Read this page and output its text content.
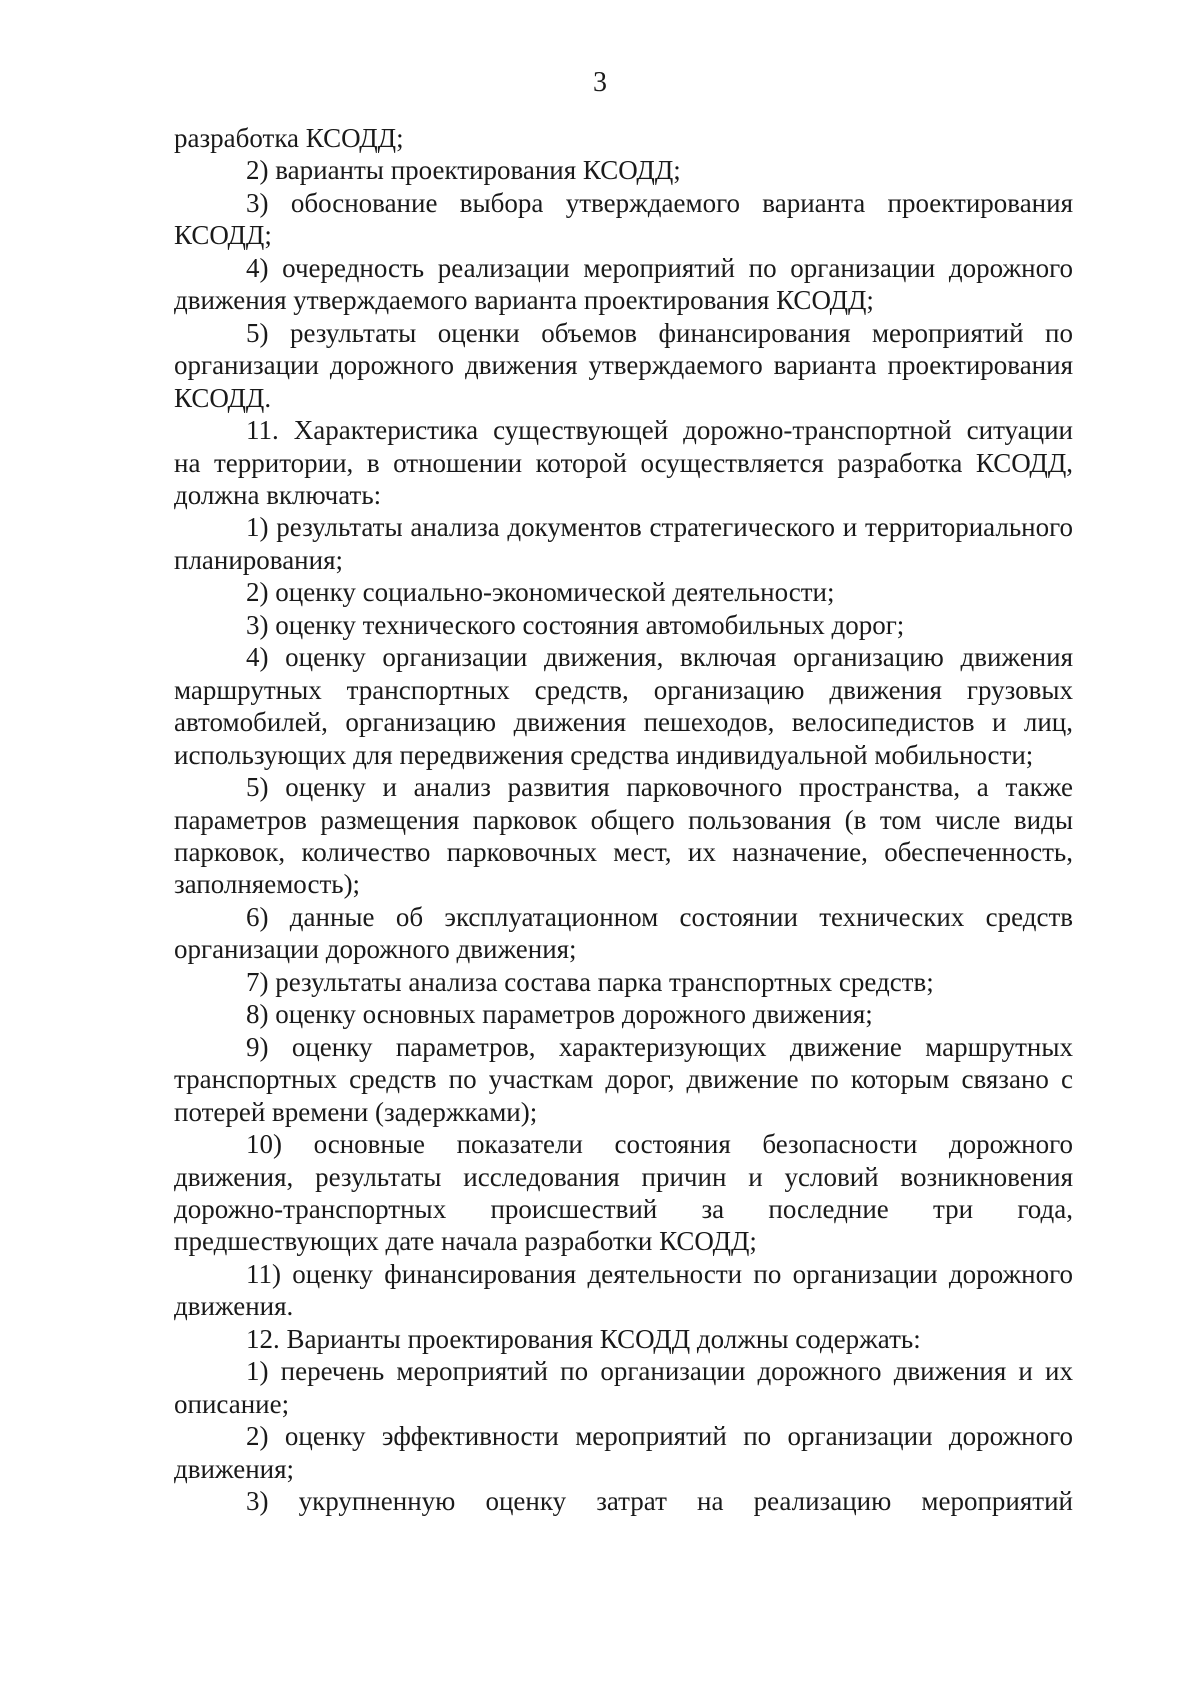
3

разработка КСОДД;

2) варианты проектирования КСОДД;

3) обоснование выбора утверждаемого варианта проектирования КСОДД;

4) очередность реализации мероприятий по организации дорожного движения утверждаемого варианта проектирования КСОДД;

5) результаты оценки объемов финансирования мероприятий по организации дорожного движения утверждаемого варианта проектирования КСОДД.

11. Характеристика существующей дорожно-транспортной ситуации на территории, в отношении которой осуществляется разработка КСОДД, должна включать:

1) результаты анализа документов стратегического и территориального планирования;

2) оценку социально-экономической деятельности;

3) оценку технического состояния автомобильных дорог;

4) оценку организации движения, включая организацию движения маршрутных транспортных средств, организацию движения грузовых автомобилей, организацию движения пешеходов, велосипедистов и лиц, использующих для передвижения средства индивидуальной мобильности;

5) оценку и анализ развития парковочного пространства, а также параметров размещения парковок общего пользования (в том числе виды парковок, количество парковочных мест, их назначение, обеспеченность, заполняемость);

6) данные об эксплуатационном состоянии технических средств организации дорожного движения;

7) результаты анализа состава парка транспортных средств;

8) оценку основных параметров дорожного движения;

9) оценку параметров, характеризующих движение маршрутных транспортных средств по участкам дорог, движение по которым связано с потерей времени (задержками);

10) основные показатели состояния безопасности дорожного движения, результаты исследования причин и условий возникновения дорожно-транспортных происшествий за последние три года, предшествующих дате начала разработки КСОДД;

11) оценку финансирования деятельности по организации дорожного движения.

12. Варианты проектирования КСОДД должны содержать:

1) перечень мероприятий по организации дорожного движения и их описание;

2) оценку эффективности мероприятий по организации дорожного движения;

3) укрупненную оценку затрат на реализацию мероприятий
